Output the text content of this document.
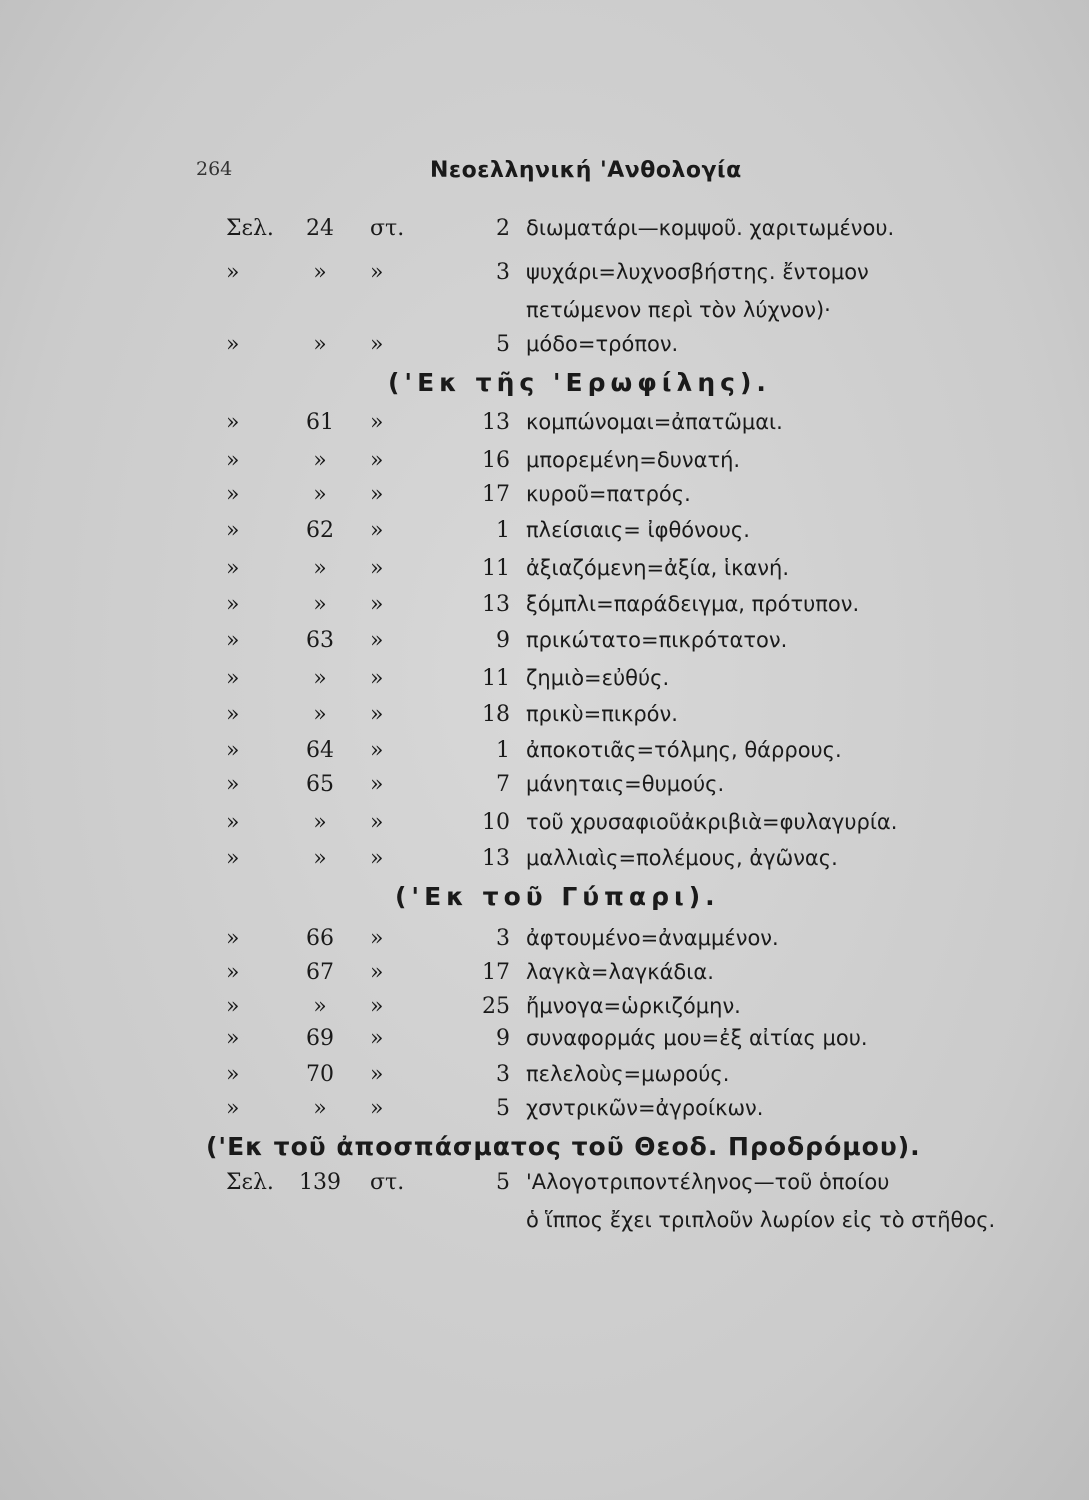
264	Νεοελληνική 'Ανθολογία
Σελ.	24	στ.	2 διωματάρι—κομψοῦ. χαριτωμένου.
»	»	»	3 ψυχάρι=λυχνοσβήστης. ἔντομον
πετώμενον περὶ τὸν λύχνον)·
»	»	»	5 μόδο=τρόπον.
('Εκ τῆς 'Ερωφίλης).
»	61	»	13 κομπώνομαι=ἀπατῶμαι.
»	»	»	16 μπορεμένη=δυνατή.
»	»	»	17 κυροῦ=πατρός.
»	62	»	1 πλείσιαις= ἰφθόνους.
»	»	»	11 ἀξιαζόμενη=ἀξία, ἱκανή.
»	»	»	13 ξόμπλι=παράδειγμα, πρότυπον.
»	63	»	9 πρικώτατο=πικρότατον.
»	»	»	11 ζημιὸ=εὐθύς.
»	»	»	18 πρικὺ=πικρόν.
»	64	»	1 ἀποκοτιᾶς=τόλμης, θάρρους.
»	65	»	7 μάνηταις=θυμούς.
»	»	»	10 τοῦ χρυσαφιοῦἀκριβιὰ=φυλαγυρία.
»	»	»	13 μαλλιαὶς=πολέμους, ἀγῶνας.
('Εκ τοῦ Γύπαρι).
»	66	»	3 ἀφτουμένο=ἀναμμένον.
»	67	»	17 λαγκὰ=λαγκάδια.
»	»	»	25 ἤμνογα=ὡρκιζόμην.
»	69	»	9 συναφορμάς μου=ἐξ αἰτίας μου.
»	70	»	3 πελελοὺς=μωρούς.
»	»	»	5 χσντρικῶν=ἀγροίκων.
('Εκ τοῦ ἀποσπάσματος τοῦ Θεοδ. Προδρόμου).
Σελ.	139	στ.	5 'Αλογοτριποντέληνος—τοῦ ὁποίου
ὁ ἵππος ἔχει τριπλοῦν λωρίον εἰς τὸ στῆθος.
